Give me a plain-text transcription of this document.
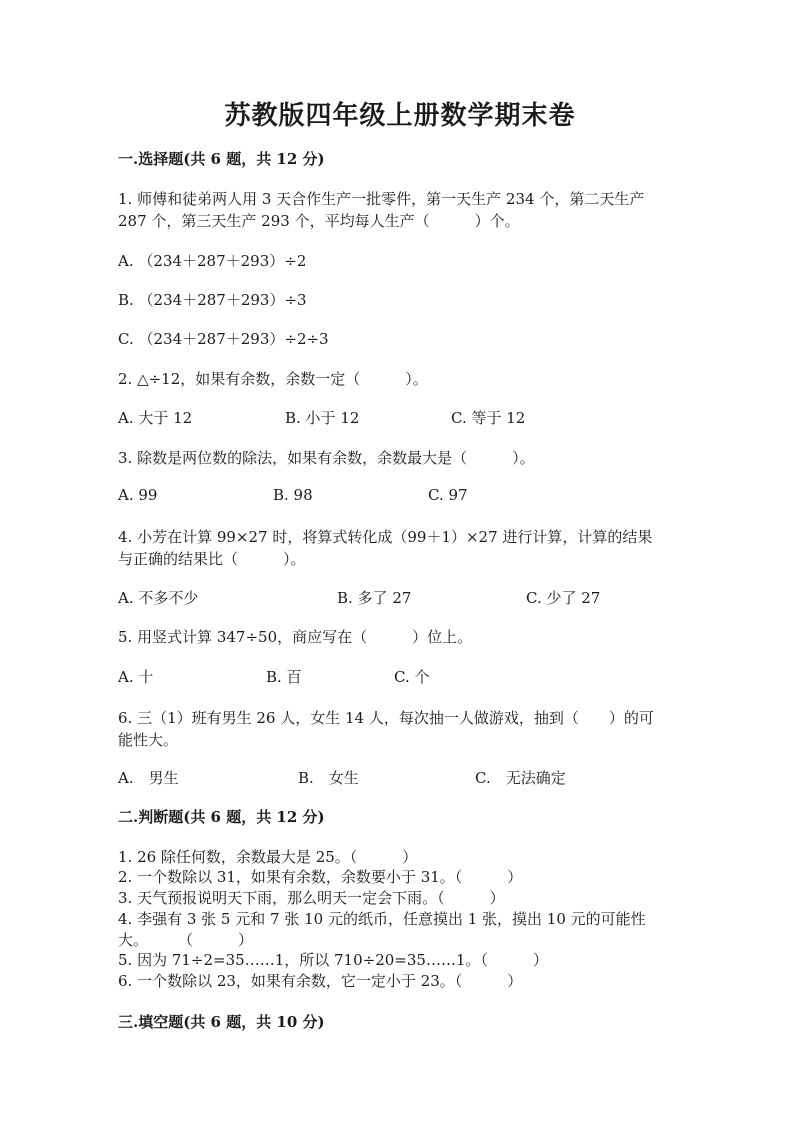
苏教版四年级上册数学期末卷
一.选择题(共 6 题，共 12 分)
1. 师傅和徒弟两人用 3 天合作生产一批零件，第一天生产 234 个，第二天生产
287 个，第三天生产 293 个，平均每人生产（　　　）个。
A. （234＋287＋293）÷2
B. （234＋287＋293）÷3
C. （234＋287＋293）÷2÷3
2. △÷12，如果有余数，余数一定（　　　）。
A. 大于 12	B. 小于 12	C. 等于 12
3. 除数是两位数的除法，如果有余数，余数最大是（　　　）。
A. 99	B. 98	C. 97
4. 小芳在计算 99×27 时，将算式转化成（99＋1）×27 进行计算，计算的结果
与正确的结果比（　　　）。
A. 不多不少	B. 多了 27	C. 少了 27
5. 用竖式计算 347÷50，商应写在（　　　）位上。
A. 十	B. 百	C. 个
6. 三（1）班有男生 26 人，女生 14 人，每次抽一人做游戏，抽到（　　）的可
能性大。
A.　男生	B.　女生	C.　无法确定
二.判断题(共 6 题，共 12 分)
1. 26 除任何数，余数最大是 25。（　　　）
2. 一个数除以 31，如果有余数，余数要小于 31。（　　　）
3. 天气预报说明天下雨，那么明天一定会下雨。（　　　）
4. 李强有 3 张 5 元和 7 张 10 元的纸币，任意摸出 1 张，摸出 10 元的可能性
大。　　　（　　　）
5. 因为 71÷2=35……1，所以 710÷20=35……1。（　　　）
6. 一个数除以 23，如果有余数，它一定小于 23。（　　　）
三.填空题(共 6 题，共 10 分)
